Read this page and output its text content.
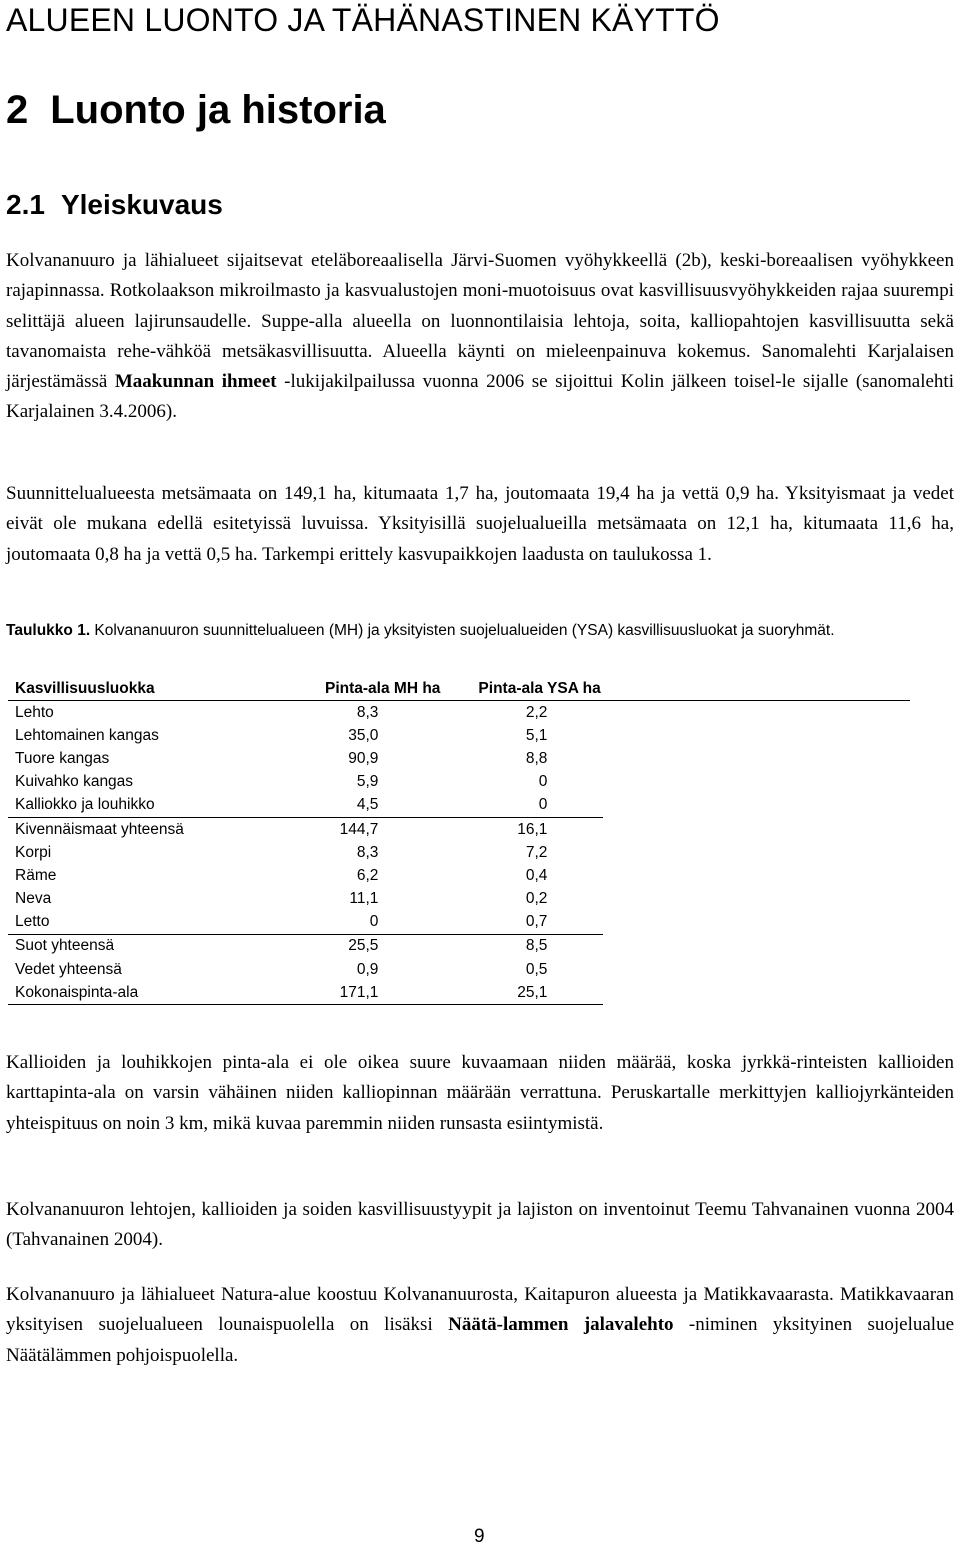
ALUEEN LUONTO JA TÄHÄNASTINEN KÄYTTÖ
2 Luonto ja historia
2.1 Yleiskuvaus

Kolvananuuro ja lähialueet sijaitsevat eteläboreaalisella Järvi-Suomen vyöhykkeellä (2b), keski-boreaalisen vyöhykkeen rajapinnassa. Rotkolaakson mikroilmasto ja kasvualustojen moni-muotoisuus ovat kasvillisuusvyöhykkeiden rajaa suurempi selittäjä alueen lajirunsaudelle. Suppe-alla alueella on luonnontilaisia lehtoja, soita, kalliopahtojen kasvillisuutta sekä tavanomaista rehe-vähköä metsäkasvillisuutta. Alueella käynti on mieleenpainuva kokemus. Sanomalehti Karjalaisen järjestämässä Maakunnan ihmeet -lukijakilpailussa vuonna 2006 se sijoittui Kolin jälkeen toisel-le sijalle (sanomalehti Karjalainen 3.4.2006).

Suunnittelualueesta metsämaata on 149,1 ha, kitumaata 1,7 ha, joutomaata 19,4 ha ja vettä 0,9 ha. Yksityismaat ja vedet eivät ole mukana edellä esitetyissä luvuissa. Yksityisillä suojelualueilla metsämaata on 12,1 ha, kitumaata 11,6 ha, joutomaata 0,8 ha ja vettä 0,5 ha. Tarkempi erittely kasvupaikkojen laadusta on taulukossa 1.

Taulukko 1. Kolvananuuron suunnittelualueen (MH) ja yksityisten suojelualueiden (YSA) kasvillisuusluokat ja suoryhmät.
Kasvillisuusluokka	Pinta-ala MH ha	Pinta-ala YSA ha	
Lehto	8,3	2,2	
Lehtomainen kangas	35,0	5,1	
Tuore kangas	90,9	8,8	
Kuivahko kangas	5,9	0	
Kalliokko ja louhikko	4,5	0	
Kivennäismaat yhteensä	144,7	16,1	
Korpi	8,3	7,2	
Räme	6,2	0,4	
Neva	11,1	0,2	
Letto	0	0,7	
Suot yhteensä	25,5	8,5	
Vedet yhteensä	0,9	0,5	
Kokonaispinta-ala	171,1	25,1	

Kallioiden ja louhikkojen pinta-ala ei ole oikea suure kuvaamaan niiden määrää, koska jyrkkä-rinteisten kallioiden karttapinta-ala on varsin vähäinen niiden kalliopinnan määrään verrattuna. Peruskartalle merkittyjen kalliojyrkänteiden yhteispituus on noin 3 km, mikä kuvaa paremmin niiden runsasta esiintymistä.

Kolvananuuron lehtojen, kallioiden ja soiden kasvillisuustyypit ja lajiston on inventoinut Teemu Tahvanainen vuonna 2004 (Tahvanainen 2004).

Kolvananuuro ja lähialueet Natura-alue koostuu Kolvananuurosta, Kaitapuron alueesta ja Matikkavaarasta. Matikkavaaran yksityisen suojelualueen lounaispuolella on lisäksi Näätä-lammen jalavalehto -niminen yksityinen suojelualue Näätälämmen pohjoispuolella.

9
